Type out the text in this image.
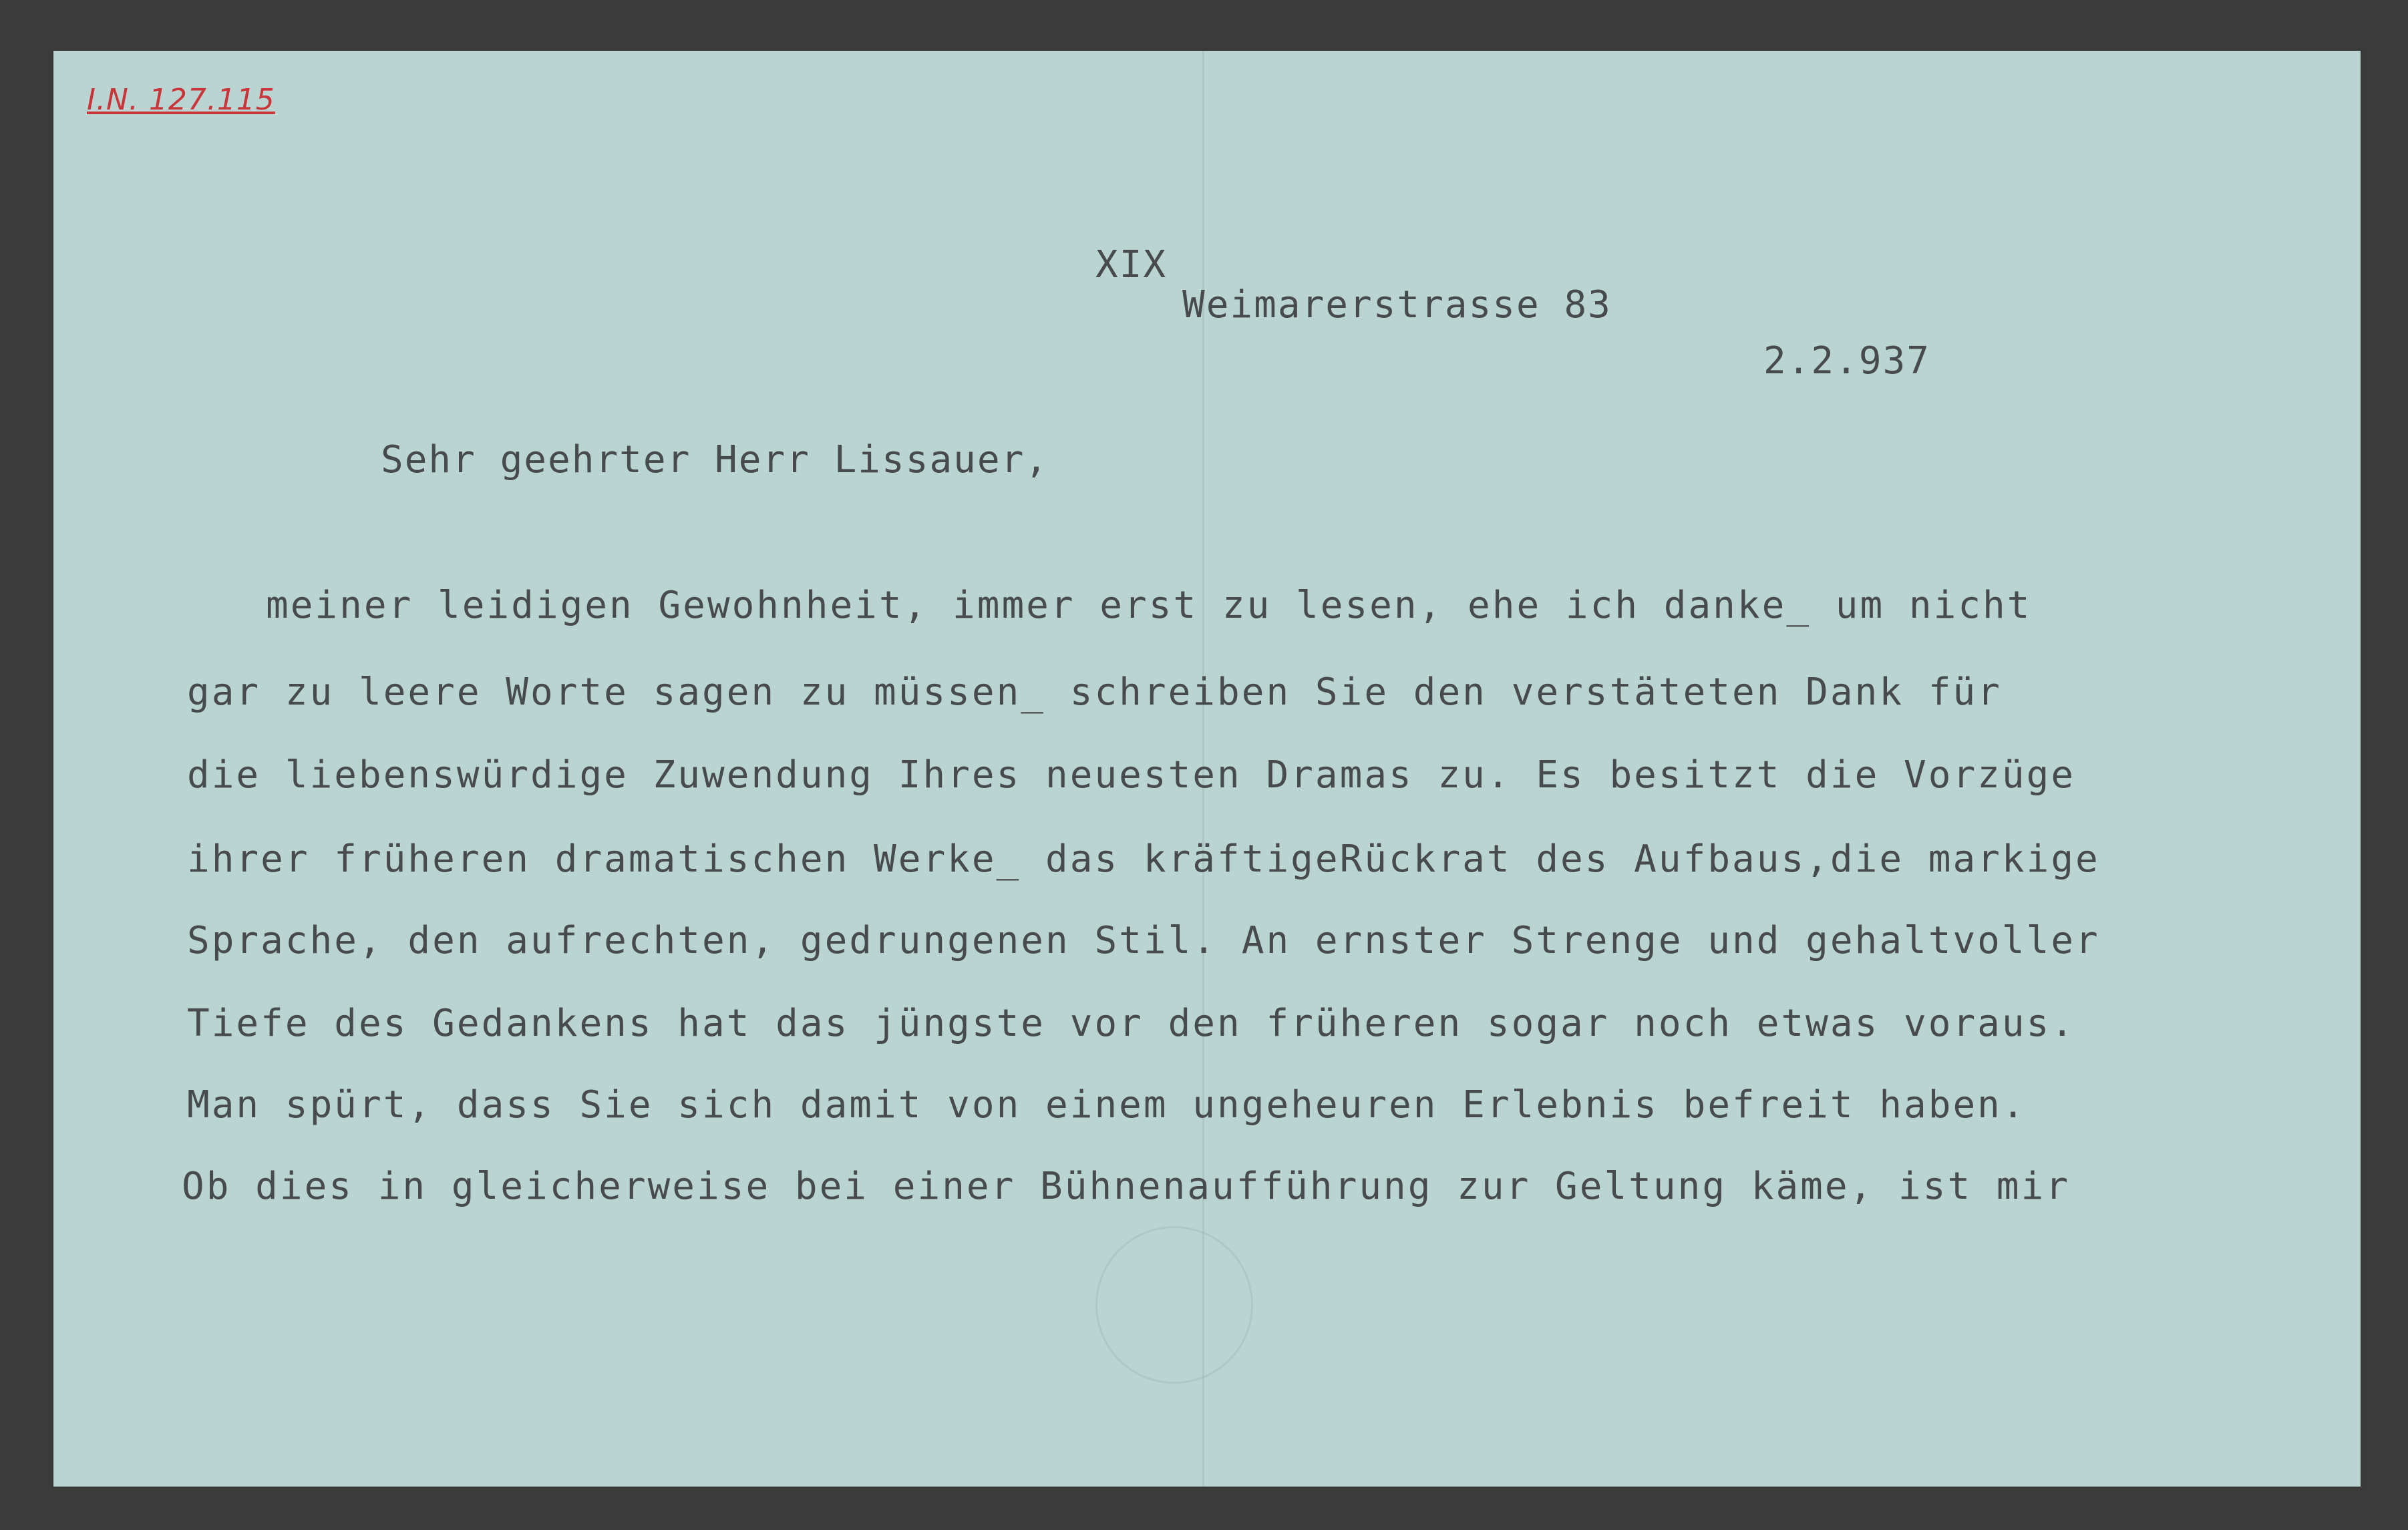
I.N. 127.115
XIX
Weimarerstrasse 83
2.2.937
Sehr geehrter Herr Lissauer,
meiner leidigen Gewohnheit, immer erst zu lesen, ehe ich danke_ um nicht
gar zu leere Worte sagen zu müssen_ schreiben Sie den verstäteten Dank für
die liebenswürdige Zuwendung Ihres neuesten Dramas zu. Es besitzt die Vorzüge
ihrer früheren dramatischen Werke_ das kräftigeRückrat des Aufbaus,die markige
Sprache, den aufrechten, gedrungenen Stil. An ernster Strenge und gehaltvoller
Tiefe des Gedankens hat das jüngste vor den früheren sogar noch etwas voraus.
Man spürt, dass Sie sich damit von einem ungeheuren Erlebnis befreit haben.
Ob dies in gleicherweise bei einer Bühnenaufführung zur Geltung käme, ist mir
